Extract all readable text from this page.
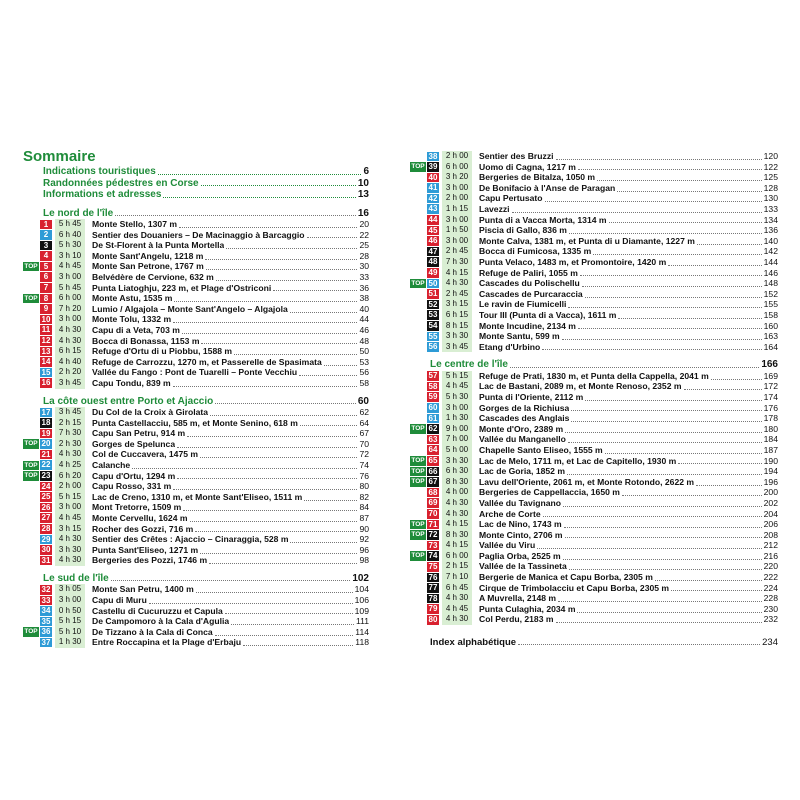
Sommaire
Indications touristiques	6
Randonnées pédestres en Corse	10
Informations et adresses	13
Le nord de l'île	16
1	5 h 45	Monte Stello, 1307 m	20
2	6 h 40	Sentier des Douaniers – De Macinaggio à Barcaggio	22
3	5 h 30	De St-Florent à la Punta Mortella	25
4	3 h 10	Monte Sant'Angelu, 1218 m	28
TOP 5	4 h 45	Monte San Petrone, 1767 m	30
6	3 h 00	Belvédère de Cervione, 632 m	33
7	5 h 45	Punta Liatoghju, 223 m, et Plage d'Ostriconi	36
TOP 8	6 h 00	Monte Astu, 1535 m	38
9	7 h 20	Lumio / Algajola – Monte Sant'Angelo – Algajola	40
10	3 h 00	Monte Tolu, 1332 m	44
11	4 h 30	Capu di a Veta, 703 m	46
12	4 h 30	Bocca di Bonassa, 1153 m	48
13	6 h 15	Refuge d'Ortu di u Piobbu, 1588 m	50
14	4 h 40	Refuge de Carrozzu, 1270 m, et Passerelle de Spasimata	53
15	2 h 20	Vallée du Fango : Pont de Tuarelli – Ponte Vecchiu	56
16	3 h 45	Capu Tondu, 839 m	58
La côte ouest entre Porto et Ajaccio	60
17	3 h 45	Du Col de la Croix à Girolata	62
18	2 h 15	Punta Castellacciu, 585 m, et Monte Senino, 618 m	64
19	7 h 30	Capu San Petru, 914 m	67
TOP 20	2 h 30	Gorges de Spelunca	70
21	4 h 30	Col de Cuccavera, 1475 m	72
TOP 22	4 h 25	Calanche	74
TOP 23	6 h 20	Capu d'Ortu, 1294 m	76
24	2 h 00	Capu Rosso, 331 m	80
25	5 h 15	Lac de Creno, 1310 m, et Monte Sant'Eliseo, 1511 m	82
26	3 h 00	Mont Tretorre, 1509 m	84
27	4 h 45	Monte Cervellu, 1624 m	87
28	3 h 15	Rocher des Gozzi, 716 m	90
29	4 h 30	Sentier des Crêtes : Ajaccio – Cinaraggia, 528 m	92
30	3 h 30	Punta Sant'Eliseo, 1271 m	96
31	4 h 30	Bergeries des Pozzi, 1746 m	98
Le sud de l'île	102
32	3 h 05	Monte San Petru, 1400 m	104
33	3 h 00	Capu di Muru	106
34	0 h 50	Castellu di Cucuruzzu et Capula	109
35	5 h 15	De Campomoro à la Cala d'Agulia	111
TOP 36	5 h 10	De Tizzano à la Cala di Conca	114
37	1 h 30	Entre Roccapina et la Plage d'Erbaju	118
38	2 h 00	Sentier des Bruzzi	120
TOP 39	6 h 00	Uomo di Cagna, 1217 m	122
40	3 h 20	Bergeries de Bitalza, 1050 m	125
41	3 h 00	De Bonifacio à l'Anse de Paragan	128
42	2 h 00	Capu Pertusato	130
43	1 h 15	Lavezzi	133
44	3 h 00	Punta di a Vacca Morta, 1314 m	134
45	1 h 50	Piscia di Gallo, 836 m	136
46	3 h 00	Monte Calva, 1381 m, et Punta di u Diamante, 1227 m	140
47	2 h 45	Bocca di Fumicosa, 1335 m	142
48	7 h 30	Punta Velaco, 1483 m, et Promontoire, 1420 m	144
49	4 h 15	Refuge de Paliri, 1055 m	146
TOP 50	4 h 30	Cascades du Polischellu	148
51	2 h 45	Cascades de Purcaraccia	152
52	3 h 15	Le ravin de Fiumicelli	155
53	6 h 15	Tour III (Punta di a Vacca), 1611 m	158
54	8 h 15	Monte Incudine, 2134 m	160
55	3 h 30	Monte Santu, 599 m	163
56	3 h 45	Etang d'Urbino	164
Le centre de l'île	166
57	5 h 15	Refuge de Prati, 1830 m, et Punta della Cappella, 2041 m	169
58	4 h 45	Lac de Bastani, 2089 m, et Monte Renoso, 2352 m	172
59	5 h 30	Punta di l'Oriente, 2112 m	174
60	3 h 00	Gorges de la Richiusa	176
61	1 h 30	Cascades des Anglais	178
TOP 62	9 h 00	Monte d'Oro, 2389 m	180
63	7 h 00	Vallée du Manganello	184
64	5 h 00	Chapelle Santo Eliseo, 1555 m	187
TOP 65	3 h 30	Lac de Melo, 1711 m, et Lac de Capitello, 1930 m	190
TOP 66	6 h 30	Lac de Goria, 1852 m	194
TOP 67	8 h 30	Lavu dell'Oriente, 2061 m, et Monte Rotondo, 2622 m	196
68	4 h 00	Bergeries de Cappellaccia, 1650 m	200
69	4 h 30	Vallée du Tavignano	202
70	4 h 30	Arche de Corte	204
TOP 71	4 h 15	Lac de Nino, 1743 m	206
TOP 72	8 h 30	Monte Cinto, 2706 m	208
73	4 h 15	Vallée du Viru	212
TOP 74	6 h 00	Paglia Orba, 2525 m	216
75	2 h 15	Vallée de la Tassineta	220
76	7 h 10	Bergerie de Manica et Capu Borba, 2305 m	222
77	6 h 45	Cirque de Trimbolacciu et Capu Borba, 2305 m	224
78	4 h 30	A Muvrella, 2148 m	228
79	4 h 45	Punta Culaghia, 2034 m	230
80	4 h 30	Col Perdu, 2183 m	232
Index alphabétique	234
